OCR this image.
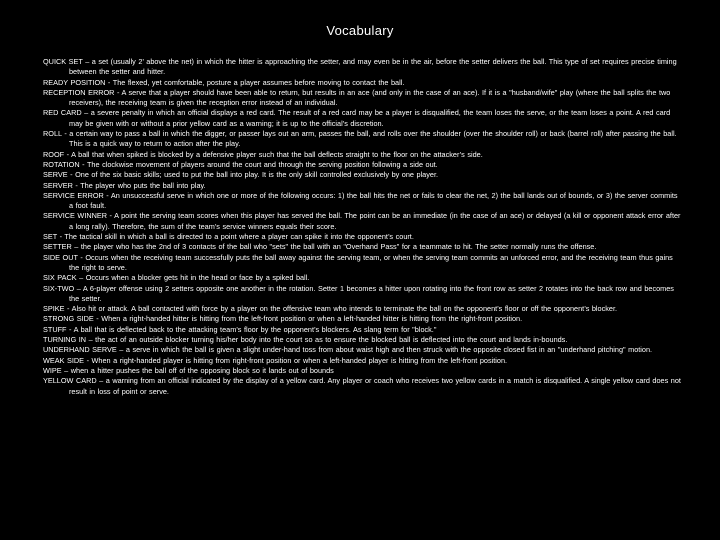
Vocabulary
QUICK SET – a set (usually 2’ above the net) in which the hitter is approaching the setter, and may even be in the air, before the setter delivers the ball. This type of set requires precise timing between the setter and hitter.
READY POSITION - The flexed, yet comfortable, posture a player assumes before moving to contact the ball.
RECEPTION ERROR - A serve that a player should have been able to return, but results in an ace (and only in the case of an ace). If it is a "husband/wife" play (where the ball splits the two receivers), the receiving team is given the reception error instead of an individual.
RED CARD – a severe penalty in which an official displays a red card. The result of a red card may be a player is disqualified, the team loses the serve, or the team loses a point. A red card may be given with or without a prior yellow card as a warning; it is up to the official’s discretion.
ROLL - a certain way to pass a ball in which the digger, or passer lays out an arm, passes the ball, and rolls over the shoulder (over the shoulder roll) or back (barrel roll) after passing the ball. This is a quick way to return to action after the play.
ROOF - A ball that when spiked is blocked by a defensive player such that the ball deflects straight to the floor on the attacker’s side.
ROTATION - The clockwise movement of players around the court and through the serving position following a side out.
SERVE - One of the six basic skills; used to put the ball into play. It is the only skill controlled exclusively by one player.
SERVER - The player who puts the ball into play.
SERVICE ERROR - An unsuccessful serve in which one or more of the following occurs: 1) the ball hits the net or fails to clear the net, 2) the ball lands out of bounds, or 3) the server commits a foot fault.
SERVICE WINNER - A point the serving team scores when this player has served the ball. The point can be an immediate (in the case of an ace) or delayed (a kill or opponent attack error after a long rally). Therefore, the sum of the team’s service winners equals their score.
SET - The tactical skill in which a ball is directed to a point where a player can spike it into the opponent’s court.
SETTER – the player who has the 2nd of 3 contacts of the ball who "sets" the ball with an "Overhand Pass" for a teammate to hit. The setter normally runs the offense.
SIDE OUT - Occurs when the receiving team successfully puts the ball away against the serving team, or when the serving team commits an unforced error, and the receiving team thus gains the right to serve.
SIX PACK – Occurs when a blocker gets hit in the head or face by a spiked ball.
SIX-TWO – A 6-player offense using 2 setters opposite one another in the rotation. Setter 1 becomes a hitter upon rotating into the front row as setter 2 rotates into the back row and becomes the setter.
SPIKE - Also hit or attack. A ball contacted with force by a player on the offensive team who intends to terminate the ball on the opponent’s floor or off the opponent’s blocker.
STRONG SIDE - When a right-handed hitter is hitting from the left-front position or when a left-handed hitter is hitting from the right-front position.
STUFF - A ball that is deflected back to the attacking team’s floor by the opponent’s blockers. As slang term for "block."
TURNING IN – the act of an outside blocker turning his/her body into the court so as to ensure the blocked ball is deflected into the court and lands in-bounds.
UNDERHAND SERVE – a serve in which the ball is given a slight under-hand toss from about waist high and then struck with the opposite closed fist in an "underhand pitching" motion.
WEAK SIDE - When a right-handed player is hitting from right-front position or when a left-handed player is hitting from the left-front position.
WIPE – when a hitter pushes the ball off of the opposing block so it lands out of bounds
YELLOW CARD – a warning from an official indicated by the display of a yellow card. Any player or coach who receives two yellow cards in a match is disqualified. A single yellow card does not result in loss of point or serve.
